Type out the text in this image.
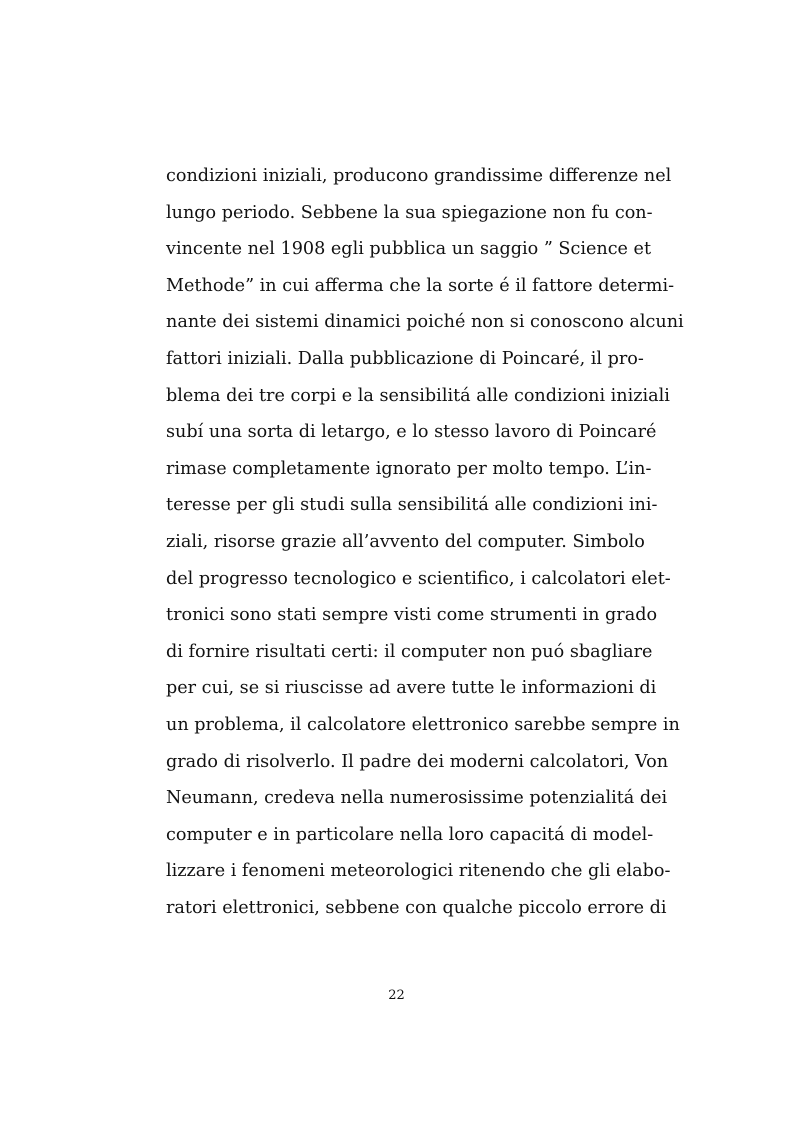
condizioni iniziali, producono grandissime differenze nel
lungo periodo. Sebbene la sua spiegazione non fu con-
vincente nel 1908 egli pubblica un saggio ” Science et
Methode” in cui afferma che la sorte é il fattore determi-
nante dei sistemi dinamici poiché non si conoscono alcuni
fattori iniziali. Dalla pubblicazione di Poincaré, il pro-
blema dei tre corpi e la sensibilitá alle condizioni iniziali
subí una sorta di letargo, e lo stesso lavoro di Poincaré
rimase completamente ignorato per molto tempo. L’in-
teresse per gli studi sulla sensibilitá alle condizioni ini-
ziali, risorse grazie all’avvento del computer. Simbolo
del progresso tecnologico e scientifico, i calcolatori elet-
tronici sono stati sempre visti come strumenti in grado
di fornire risultati certi: il computer non puó sbagliare
per cui, se si riuscisse ad avere tutte le informazioni di
un problema, il calcolatore elettronico sarebbe sempre in
grado di risolverlo. Il padre dei moderni calcolatori, Von
Neumann, credeva nella numerosissime potenzialitá dei
computer e in particolare nella loro capacitá di model-
lizzare i fenomeni meteorologici ritenendo che gli elabo-
ratori elettronici, sebbene con qualche piccolo errore di
22
